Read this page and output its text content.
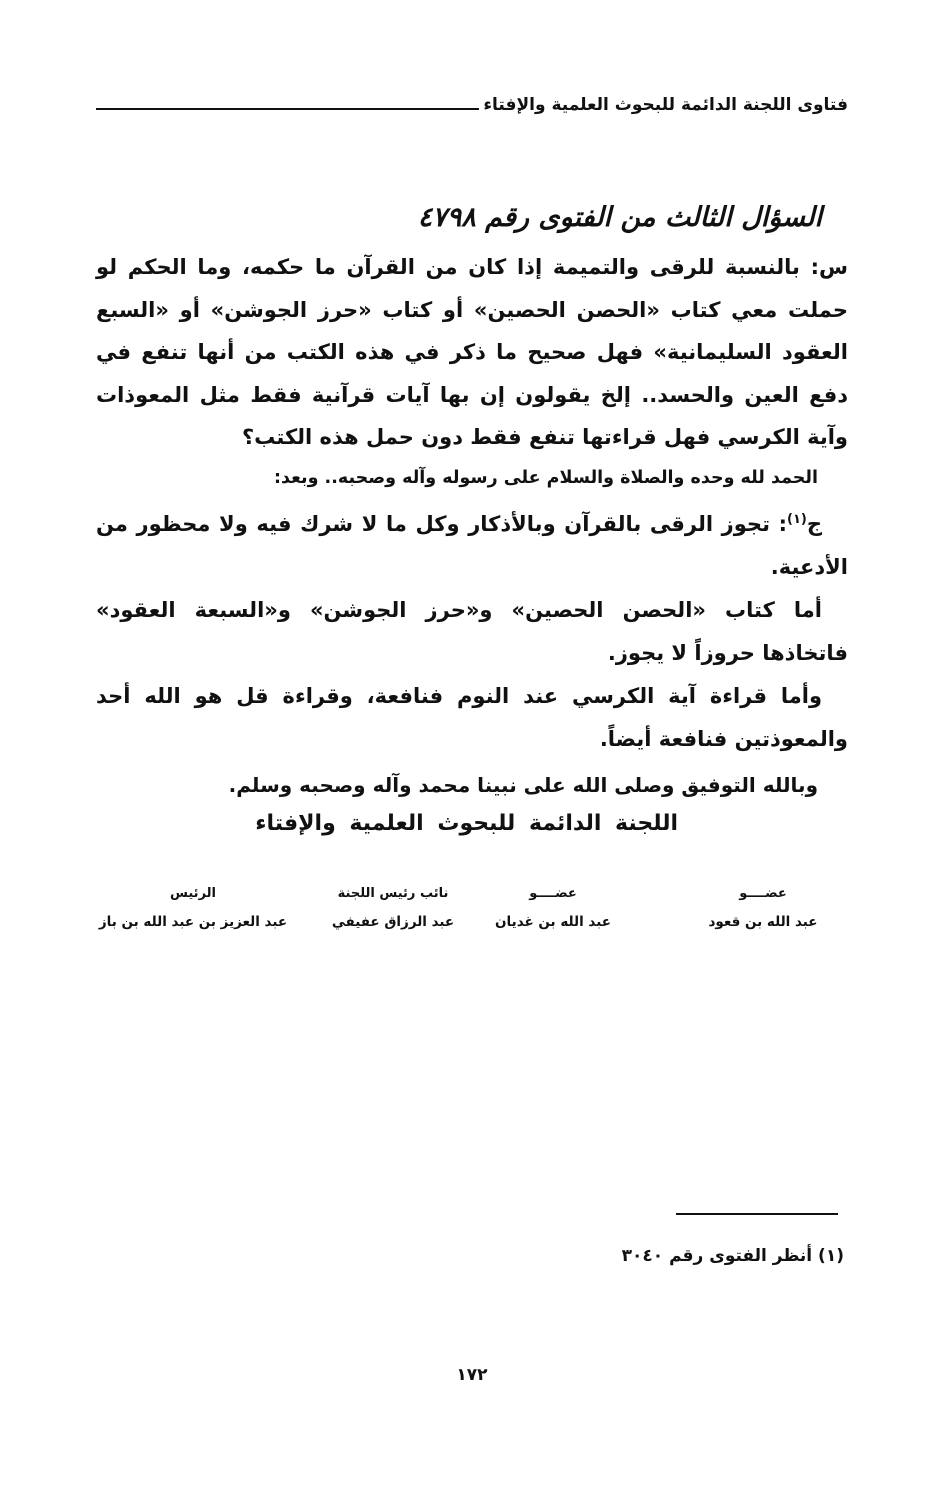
فتاوى اللجنة الدائمة للبحوث العلمية والإفتاء
السؤال الثالث من الفتوى رقم ٤٧٩٨
س: بالنسبة للرقى والتميمة إذا كان من القرآن ما حكمه، وما الحكم لو حملت معي كتاب «الحصن الحصين» أو كتاب «حرز الجوشن» أو «السبع العقود السليمانية» فهل صحيح ما ذكر في هذه الكتب من أنها تنفع في دفع العين والحسد.. إلخ يقولون إن بها آيات قرآنية فقط مثل المعوذات وآية الكرسي فهل قراءتها تنفع فقط دون حمل هذه الكتب؟
الحمد لله وحده والصلاة والسلام على رسوله وآله وصحبه.. وبعد:

ج$^{(١)}$: تجوز الرقى بالقرآن وبالأذكار وكل ما لا شرك فيه ولا محظور من الأدعية.

أما كتاب «الحصن الحصين» و«حرز الجوشن» و«السبعة العقود» فاتخاذها حروزاً لا يجوز.

وأما قراءة آية الكرسي عند النوم فنافعة، وقراءة قل هو الله أحد والمعوذتين فنافعة أيضاً.

وبالله التوفيق وصلى الله على نبينا محمد وآله وصحبه وسلم.
اللجنة الدائمة للبحوث العلمية والإفتاء
عضــــو
عبد الله بن قعود
عضــــو
عبد الله بن غديان
نائب رئيس اللجنة
عبد الرزاق عفيفي
الرئيس
عبد العزيز بن عبد الله بن باز
(١) أنظر الفتوى رقم ٣٠٤٠
١٧٢
